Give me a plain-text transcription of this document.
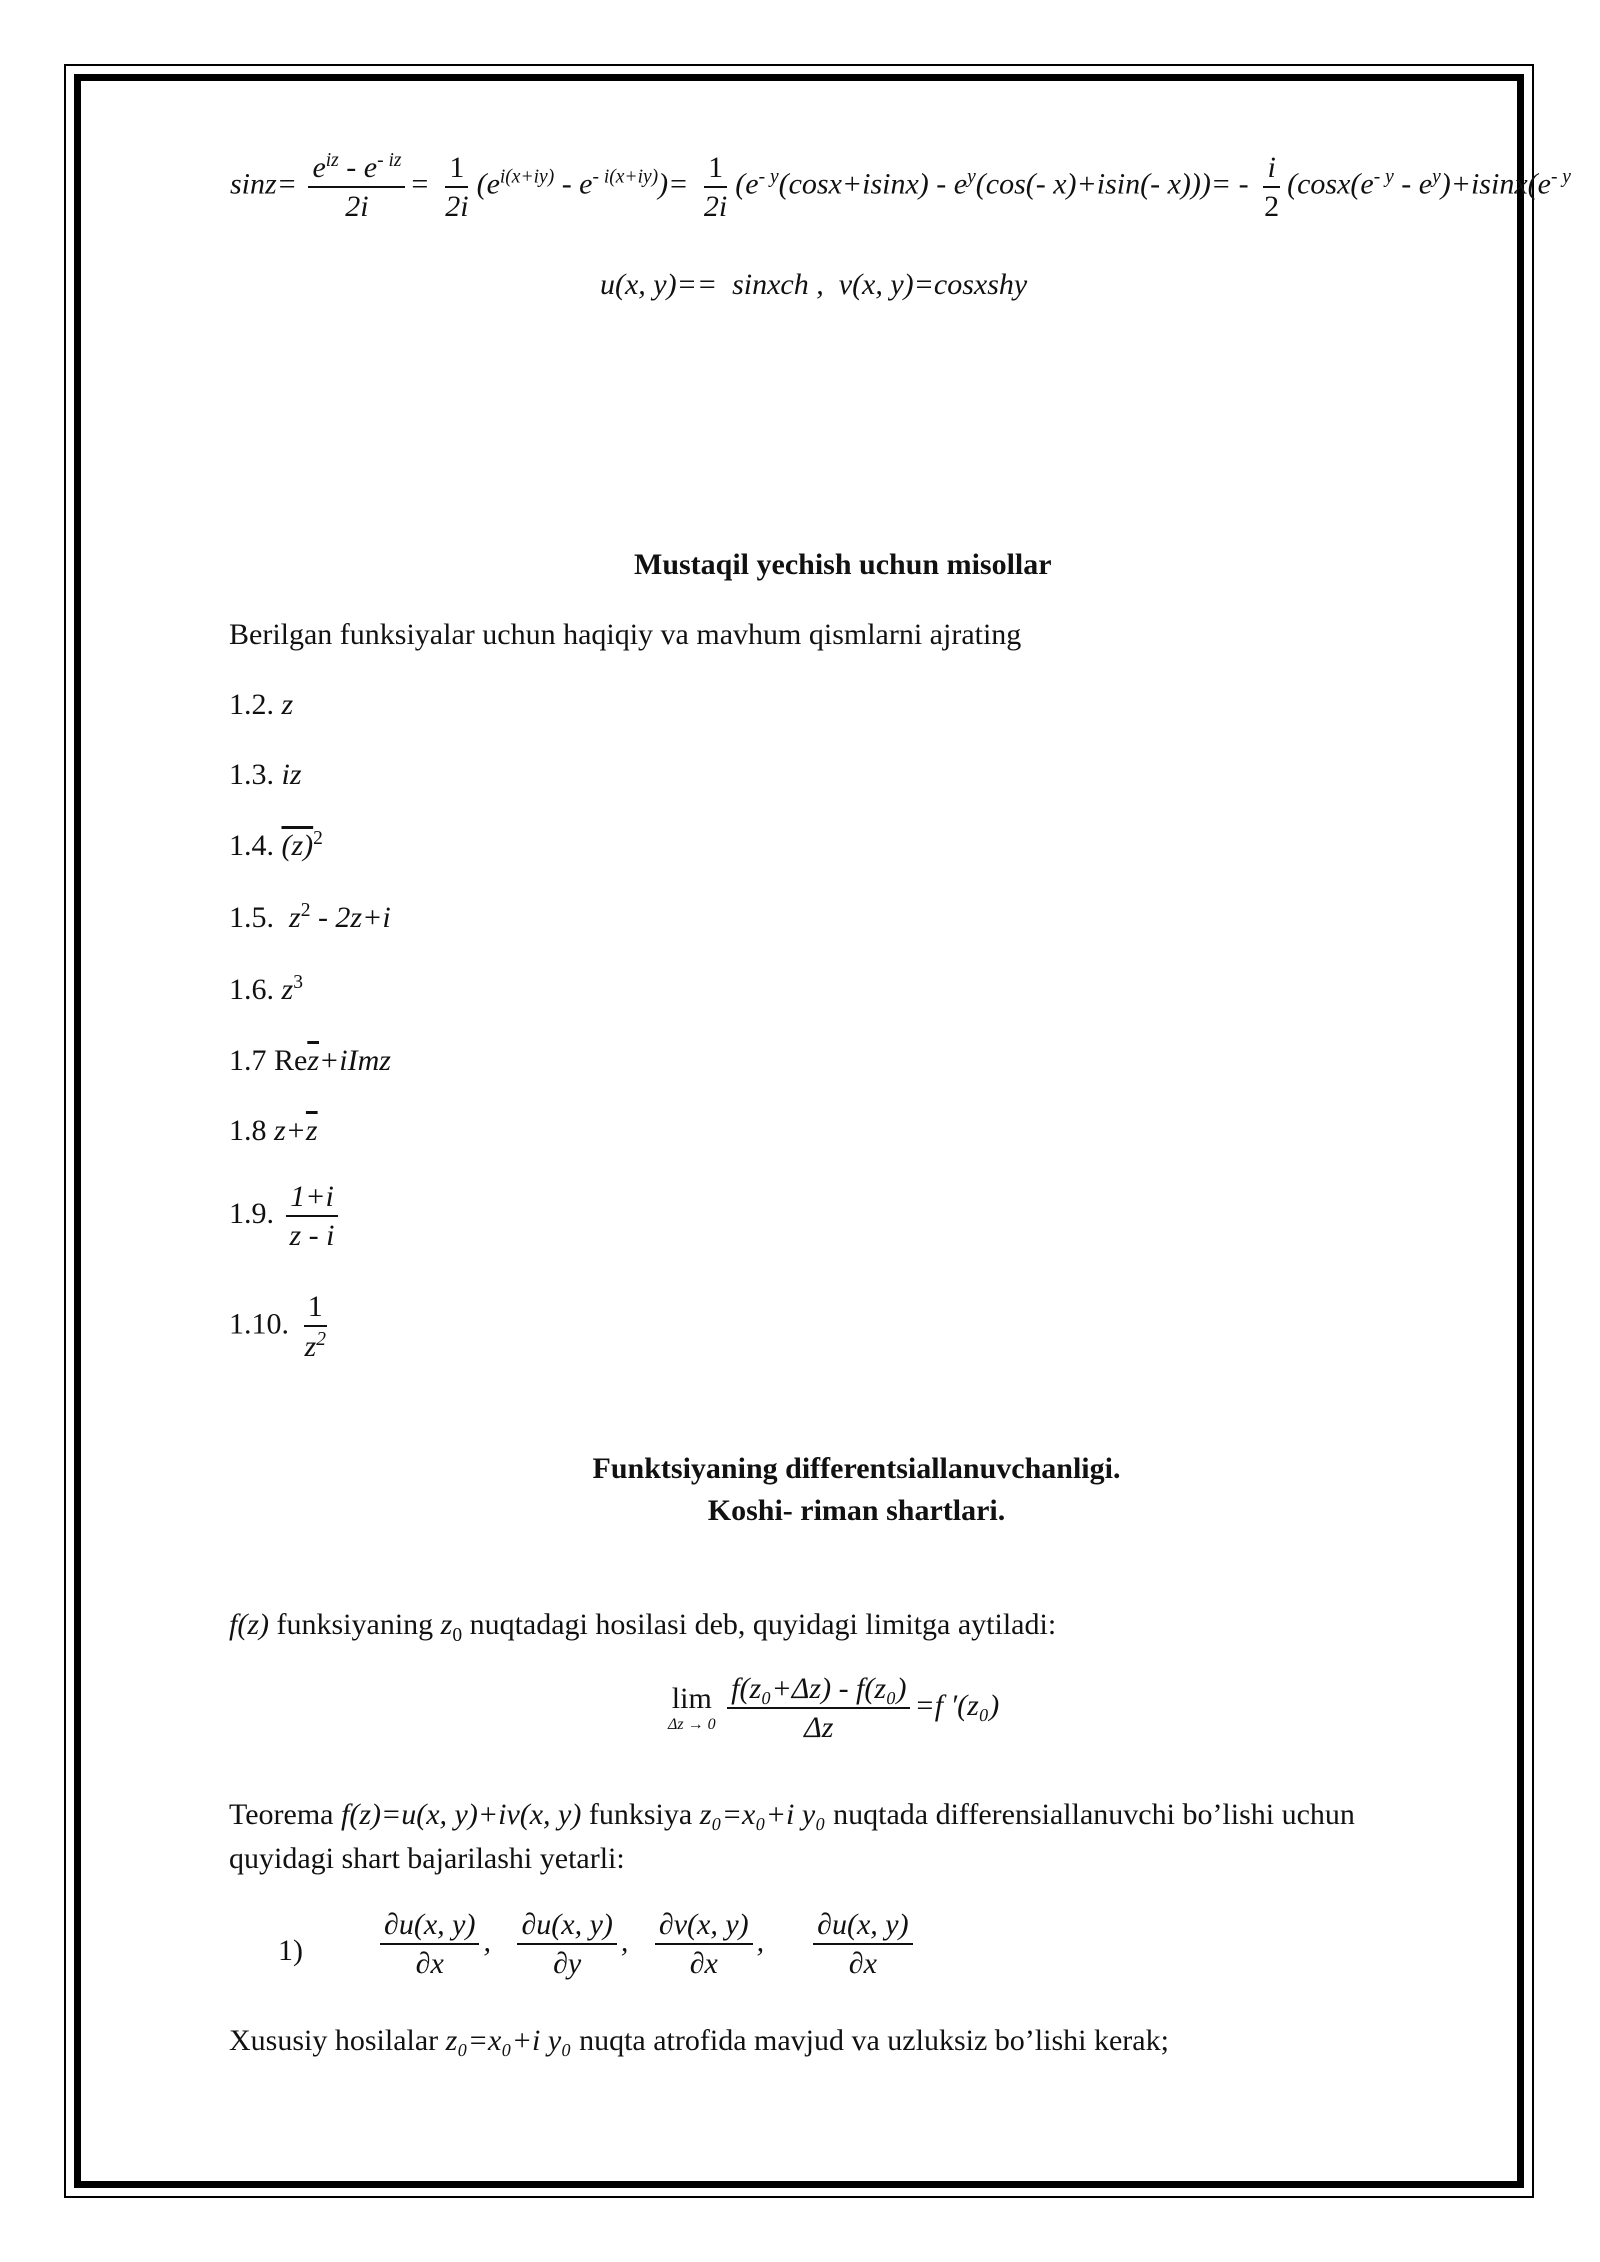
$\sin z= \frac{e^{iz} - e^{- iz}}{2i} = \frac{1}{2i} (e^{i(x+iy)} - e^{- i(x+iy)})= \frac{1}{2i} (e^{- y}(\cos x+isinx) - e^y(\cos(-$ x)+isin(- $x)))= - \frac{i}{2} (\cos x(e^{- y} - e^y)+isinx(e^{- y}$
u(x, y)== sinxch , v(x, y)=cosxshy
Mustaqil yechish uchun misollar
Berilgan funksiyalar uchun haqiqiy va mavhum qismlarni ajrating
1.2. z
1.3. iz
1.4. $(z)^2$
1.5. $z^2 - 2z+i$
1.6. $z^3$
1.7 $Re\overline{z}+iImz$
1.8 $z+\overline{z}$
1.9. $\frac{1+i}{z - i}$
1.10. $\frac{1}{z^2}$
Funktsiyaning differentsiallanuvchanligi.
Koshi- riman shartlari.
f(z) funksiyaning $z_0$ nuqtadagi hosilasi deb, quyidagi limitga aytiladi:
lim
Δz → 0
$\frac{\text{f(z₀+Δz) - f(z₀)}}{\Delta z} =f$ ′(z₀)
Teorema f(z)=u(x, y)+iv(x, y) funksiya z₀=x₀+i y₀ nuqtada differensiallanuvchi bo’lishi uchun
quyidagi shart bajarilashi yetarli:
1)	$\frac{\partial u(x, y)}{\partial x}$ , $\frac{\partial u(x, y)}{\partial y}$ , $\frac{\partial v(x, y)}{\partial x}$ , $\frac{\partial u(x, y)}{\partial x}$
Xususiy hosilalar z₀=x₀+i y₀ nuqta atrofida mavjud va uzluksiz bo’lishi kerak;
